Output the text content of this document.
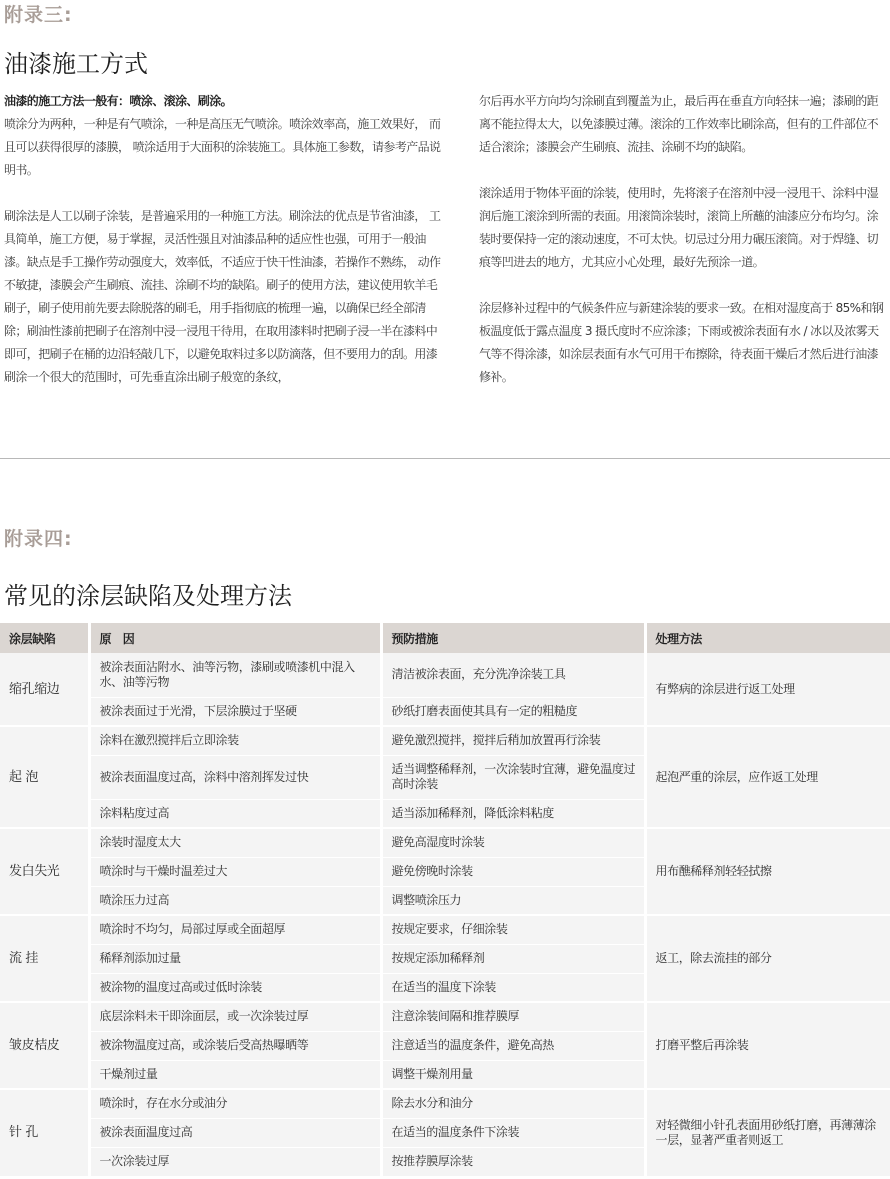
附录三:
油漆施工方式

油漆的施工方法一般有：喷涂、滚涂、刷涂。
喷涂分为两种，一种是有气喷涂，一种是高压无气喷涂。喷涂效率高，施工效果好， 而且可以获得很厚的漆膜， 喷涂适用于大面积的涂装施工。具体施工参数，请参考产品说明书。

刷涂法是人工以刷子涂装，是普遍采用的一种施工方法。刷涂法的优点是节省油漆， 工具简单，施工方便，易于掌握，灵活性强且对油漆品种的适应性也强，可用于一般油漆。缺点是手工操作劳动强度大，效率低，不适应于快干性油漆，若操作不熟练， 动作不敏捷，漆膜会产生刷痕、流挂、涂刷不均的缺陷。刷子的使用方法，建议使用软羊毛刷子，刷子使用前先要去除脱落的刷毛，用手指彻底的梳理一遍，以确保已经全部清除；刷油性漆前把刷子在溶剂中浸一浸甩干待用，在取用漆料时把刷子浸一半在漆料中即可，把刷子在桶的边沿轻敲几下，以避免取料过多以防滴落，但不要用力的刮。用漆刷涂一个很大的范围时，可先垂直涂出刷子般宽的条纹，

尔后再水平方向均匀涂刷直到覆盖为止，最后再在垂直方向轻抹一遍；漆刷的距离不能拉得太大，以免漆膜过薄。滚涂的工作效率比刷涂高，但有的工件部位不适合滚涂；漆膜会产生刷痕、流挂、涂刷不均的缺陷。

滚涂适用于物体平面的涂装，使用时，先将滚子在溶剂中浸一浸甩干、涂料中湿润后施工滚涂到所需的表面。用滚筒涂装时，滚筒上所蘸的油漆应分布均匀。涂装时要保持一定的滚动速度，不可太快。切忌过分用力碾压滚筒。对于焊缝、切痕等凹进去的地方，尤其应小心处理，最好先预涂一道。

涂层修补过程中的气候条件应与新建涂装的要求一致。在相对湿度高于 85%和钢板温度低于露点温度 3 摄氏度时不应涂漆；下雨或被涂表面有水 / 冰以及浓雾天气等不得涂漆，如涂层表面有水气可用干布擦除，待表面干燥后才然后进行油漆修补。

附录四:
常见的涂层缺陷及处理方法
涂层缺陷	原　因	预防措施	处理方法
缩孔缩边	被涂表面沾附水、油等污物，漆刷或喷漆机中混入水、油等污物	清洁被涂表面，充分洗净涂装工具	有弊病的涂层进行返工处理
	被涂表面过于光滑，下层涂膜过于坚硬	砂纸打磨表面使其具有一定的粗糙度	
起 泡	涂料在激烈搅拌后立即涂装	避免激烈搅拌，搅拌后稍加放置再行涂装	起泡严重的涂层，应作返工处理
	被涂表面温度过高，涂料中溶剂挥发过快	适当调整稀释剂，一次涂装时宜薄，避免温度过高时涂装	
	涂料粘度过高	适当添加稀释剂，降低涂料粘度	
发白失光	涂装时湿度太大	避免高湿度时涂装	用布醮稀释剂轻轻拭擦
	喷涂时与干燥时温差过大	避免傍晚时涂装	
	喷涂压力过高	调整喷涂压力	
流 挂	喷涂时不均匀，局部过厚或全面超厚	按规定要求，仔细涂装	返工，除去流挂的部分
	稀释剂添加过量	按规定添加稀释剂	
	被涂物的温度过高或过低时涂装	在适当的温度下涂装	
皱皮桔皮	底层涂料未干即涂面层，或一次涂装过厚	注意涂装间隔和推荐膜厚	打磨平整后再涂装
	被涂物温度过高，或涂装后受高热曝晒等	注意适当的温度条件，避免高热	
	干燥剂过量	调整干燥剂用量	
针 孔	喷涂时，存在水分或油分	除去水分和油分	对轻微细小针孔表面用砂纸打磨，再薄薄涂一层，显著严重者则返工
	被涂表面温度过高	在适当的温度条件下涂装	
	一次涂装过厚	按推荐膜厚涂装	
